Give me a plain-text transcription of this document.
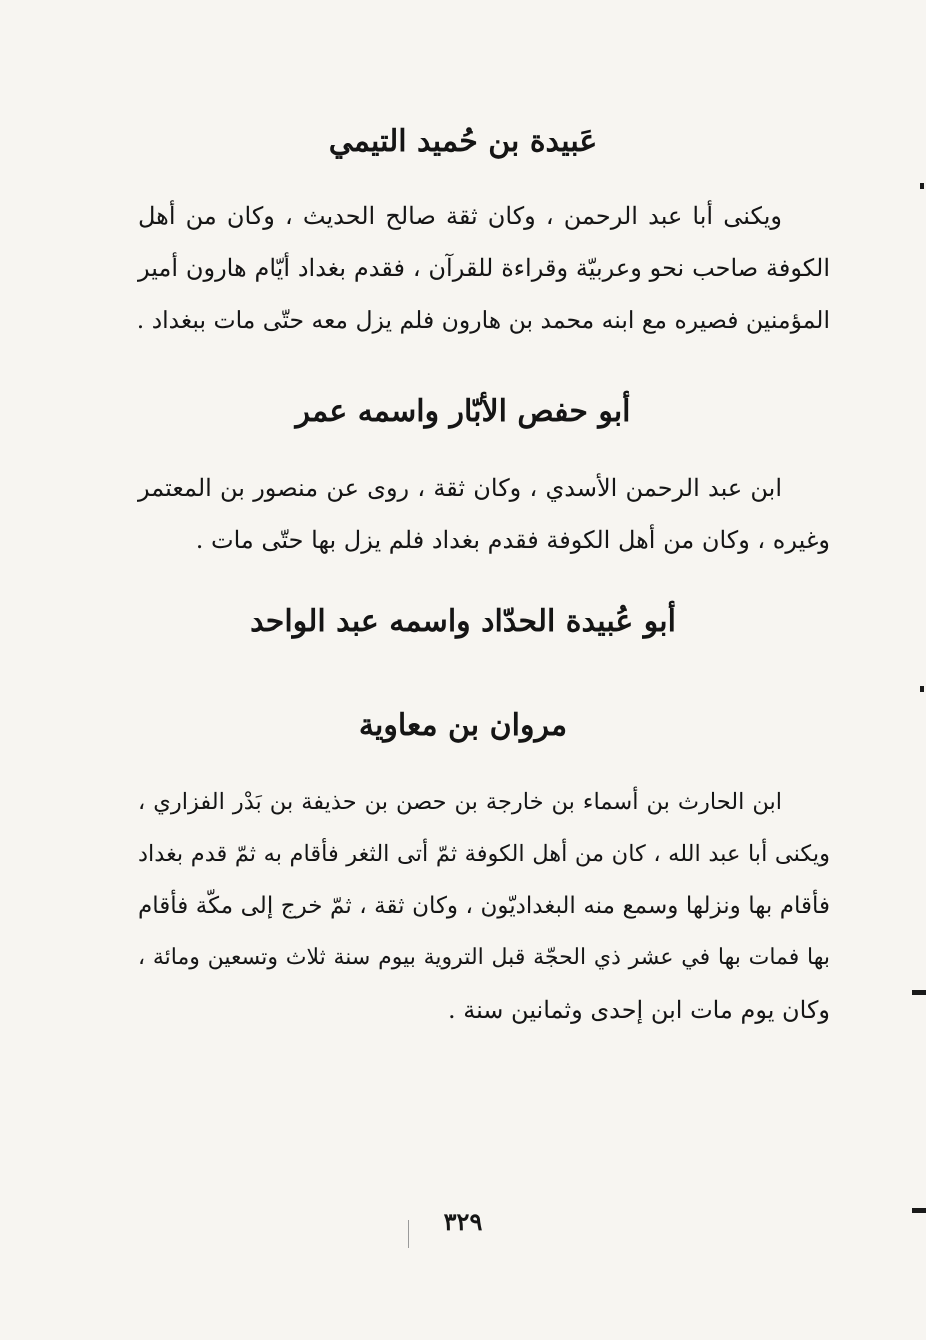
عَبيدة بن حُميد التيمي
ويكنى أبا عبد الرحمن ، وكان ثقة صالح الحديث ، وكان من أهل
الكوفة صاحب نحو وعربيّة وقراءة للقرآن ، فقدم بغداد أيّام هارون أمير
المؤمنين فصيره مع ابنه محمد بن هارون فلم يزل معه حتّى مات ببغداد .
أبو حفص الأبّار واسمه عمر
ابن عبد الرحمن الأسدي ، وكان ثقة ، روى عن منصور بن المعتمر
وغيره ، وكان من أهل الكوفة فقدم بغداد فلم يزل بها حتّى مات .
أبو عُبيدة الحدّاد واسمه عبد الواحد
مروان بن معاوية
ابن الحارث بن أسماء بن خارجة بن حصن بن حذيفة بن بَدْر الفزاري ،
ويكنى أبا عبد الله ، كان من أهل الكوفة ثمّ أتى الثغر فأقام به ثمّ قدم بغداد
فأقام بها ونزلها وسمع منه البغداديّون ، وكان ثقة ، ثمّ خرج إلى مكّة فأقام
بها فمات بها في عشر ذي الحجّة قبل التروية بيوم سنة ثلاث وتسعين ومائة ،
وكان يوم مات ابن إحدى وثمانين سنة .

٣٢٩
